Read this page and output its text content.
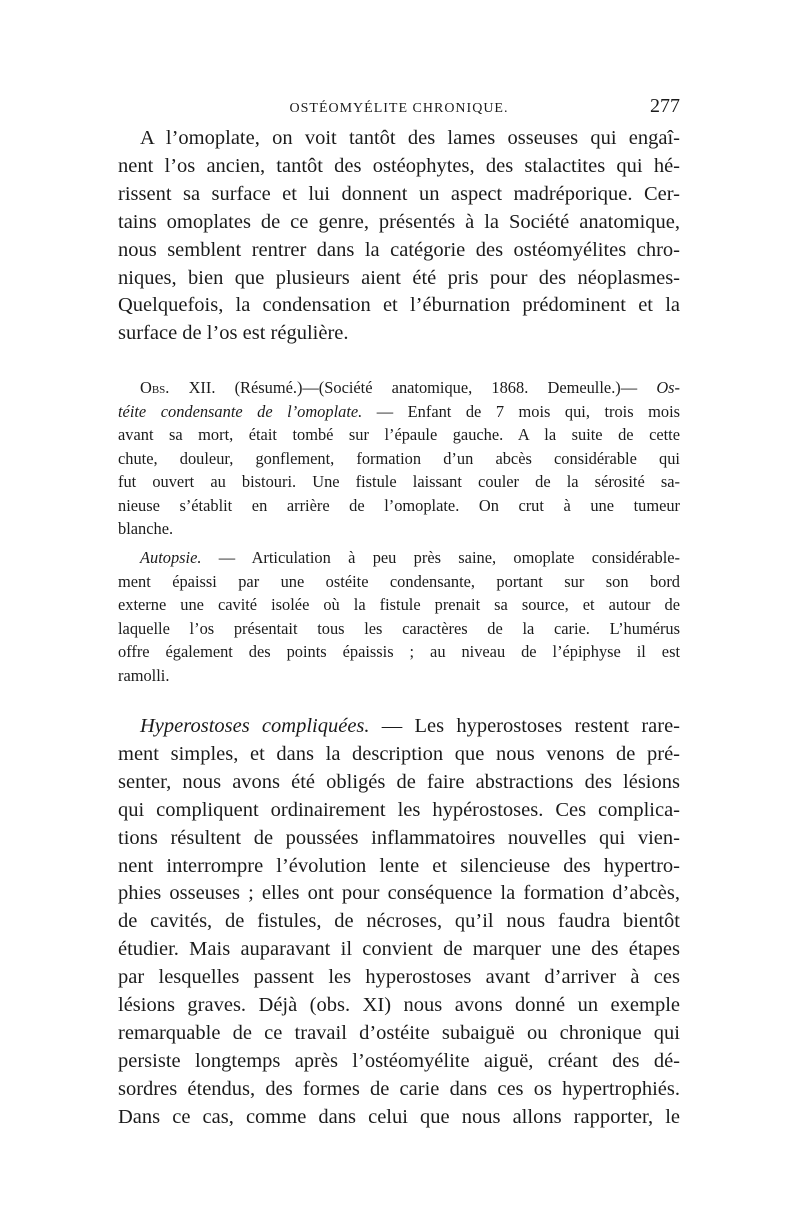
OSTÉOMYÉLITE CHRONIQUE.	277
A l’omoplate, on voit tantôt des lames osseuses qui engaî-
nent l’os ancien, tantôt des ostéophytes, des stalactites qui hé-
rissent sa surface et lui donnent un aspect madréporique. Cer-
tains omoplates de ce genre, présentés à la Société anatomique,
nous semblent rentrer dans la catégorie des ostéomyélites chro-
niques, bien que plusieurs aient été pris pour des néoplasmes-
Quelquefois, la condensation et l’éburnation prédominent et la
surface de l’os est régulière.
Obs. XII. (Résumé.)—(Société anatomique, 1868. Demeulle.)— Os-
téite condensante de l’omoplate. — Enfant de 7 mois qui, trois mois
avant sa mort, était tombé sur l’épaule gauche. A la suite de cette
chute, douleur, gonflement, formation d’un abcès considérable qui
fut ouvert au bistouri. Une fistule laissant couler de la sérosité sa-
nieuse s’établit en arrière de l’omoplate. On crut à une tumeur
blanche.
Autopsie. — Articulation à peu près saine, omoplate considérable-
ment épaissi par une ostéite condensante, portant sur son bord
externe une cavité isolée où la fistule prenait sa source, et autour de
laquelle l’os présentait tous les caractères de la carie. L’humérus
offre également des points épaissis ; au niveau de l’épiphyse il est
ramolli.
Hyperostoses compliquées. — Les hyperostoses restent rare-
ment simples, et dans la description que nous venons de pré-
senter, nous avons été obligés de faire abstractions des lésions
qui compliquent ordinairement les hypérostoses. Ces complica-
tions résultent de poussées inflammatoires nouvelles qui vien-
nent interrompre l’évolution lente et silencieuse des hypertro-
phies osseuses ; elles ont pour conséquence la formation d’abcès,
de cavités, de fistules, de nécroses, qu’il nous faudra bientôt
étudier. Mais auparavant il convient de marquer une des étapes
par lesquelles passent les hyperostoses avant d’arriver à ces
lésions graves. Déjà (obs. XI) nous avons donné un exemple
remarquable de ce travail d’ostéite subaiguë ou chronique qui
persiste longtemps après l’ostéomyélite aiguë, créant des dé-
sordres étendus, des formes de carie dans ces os hypertrophiés.
Dans ce cas, comme dans celui que nous allons rapporter, le
